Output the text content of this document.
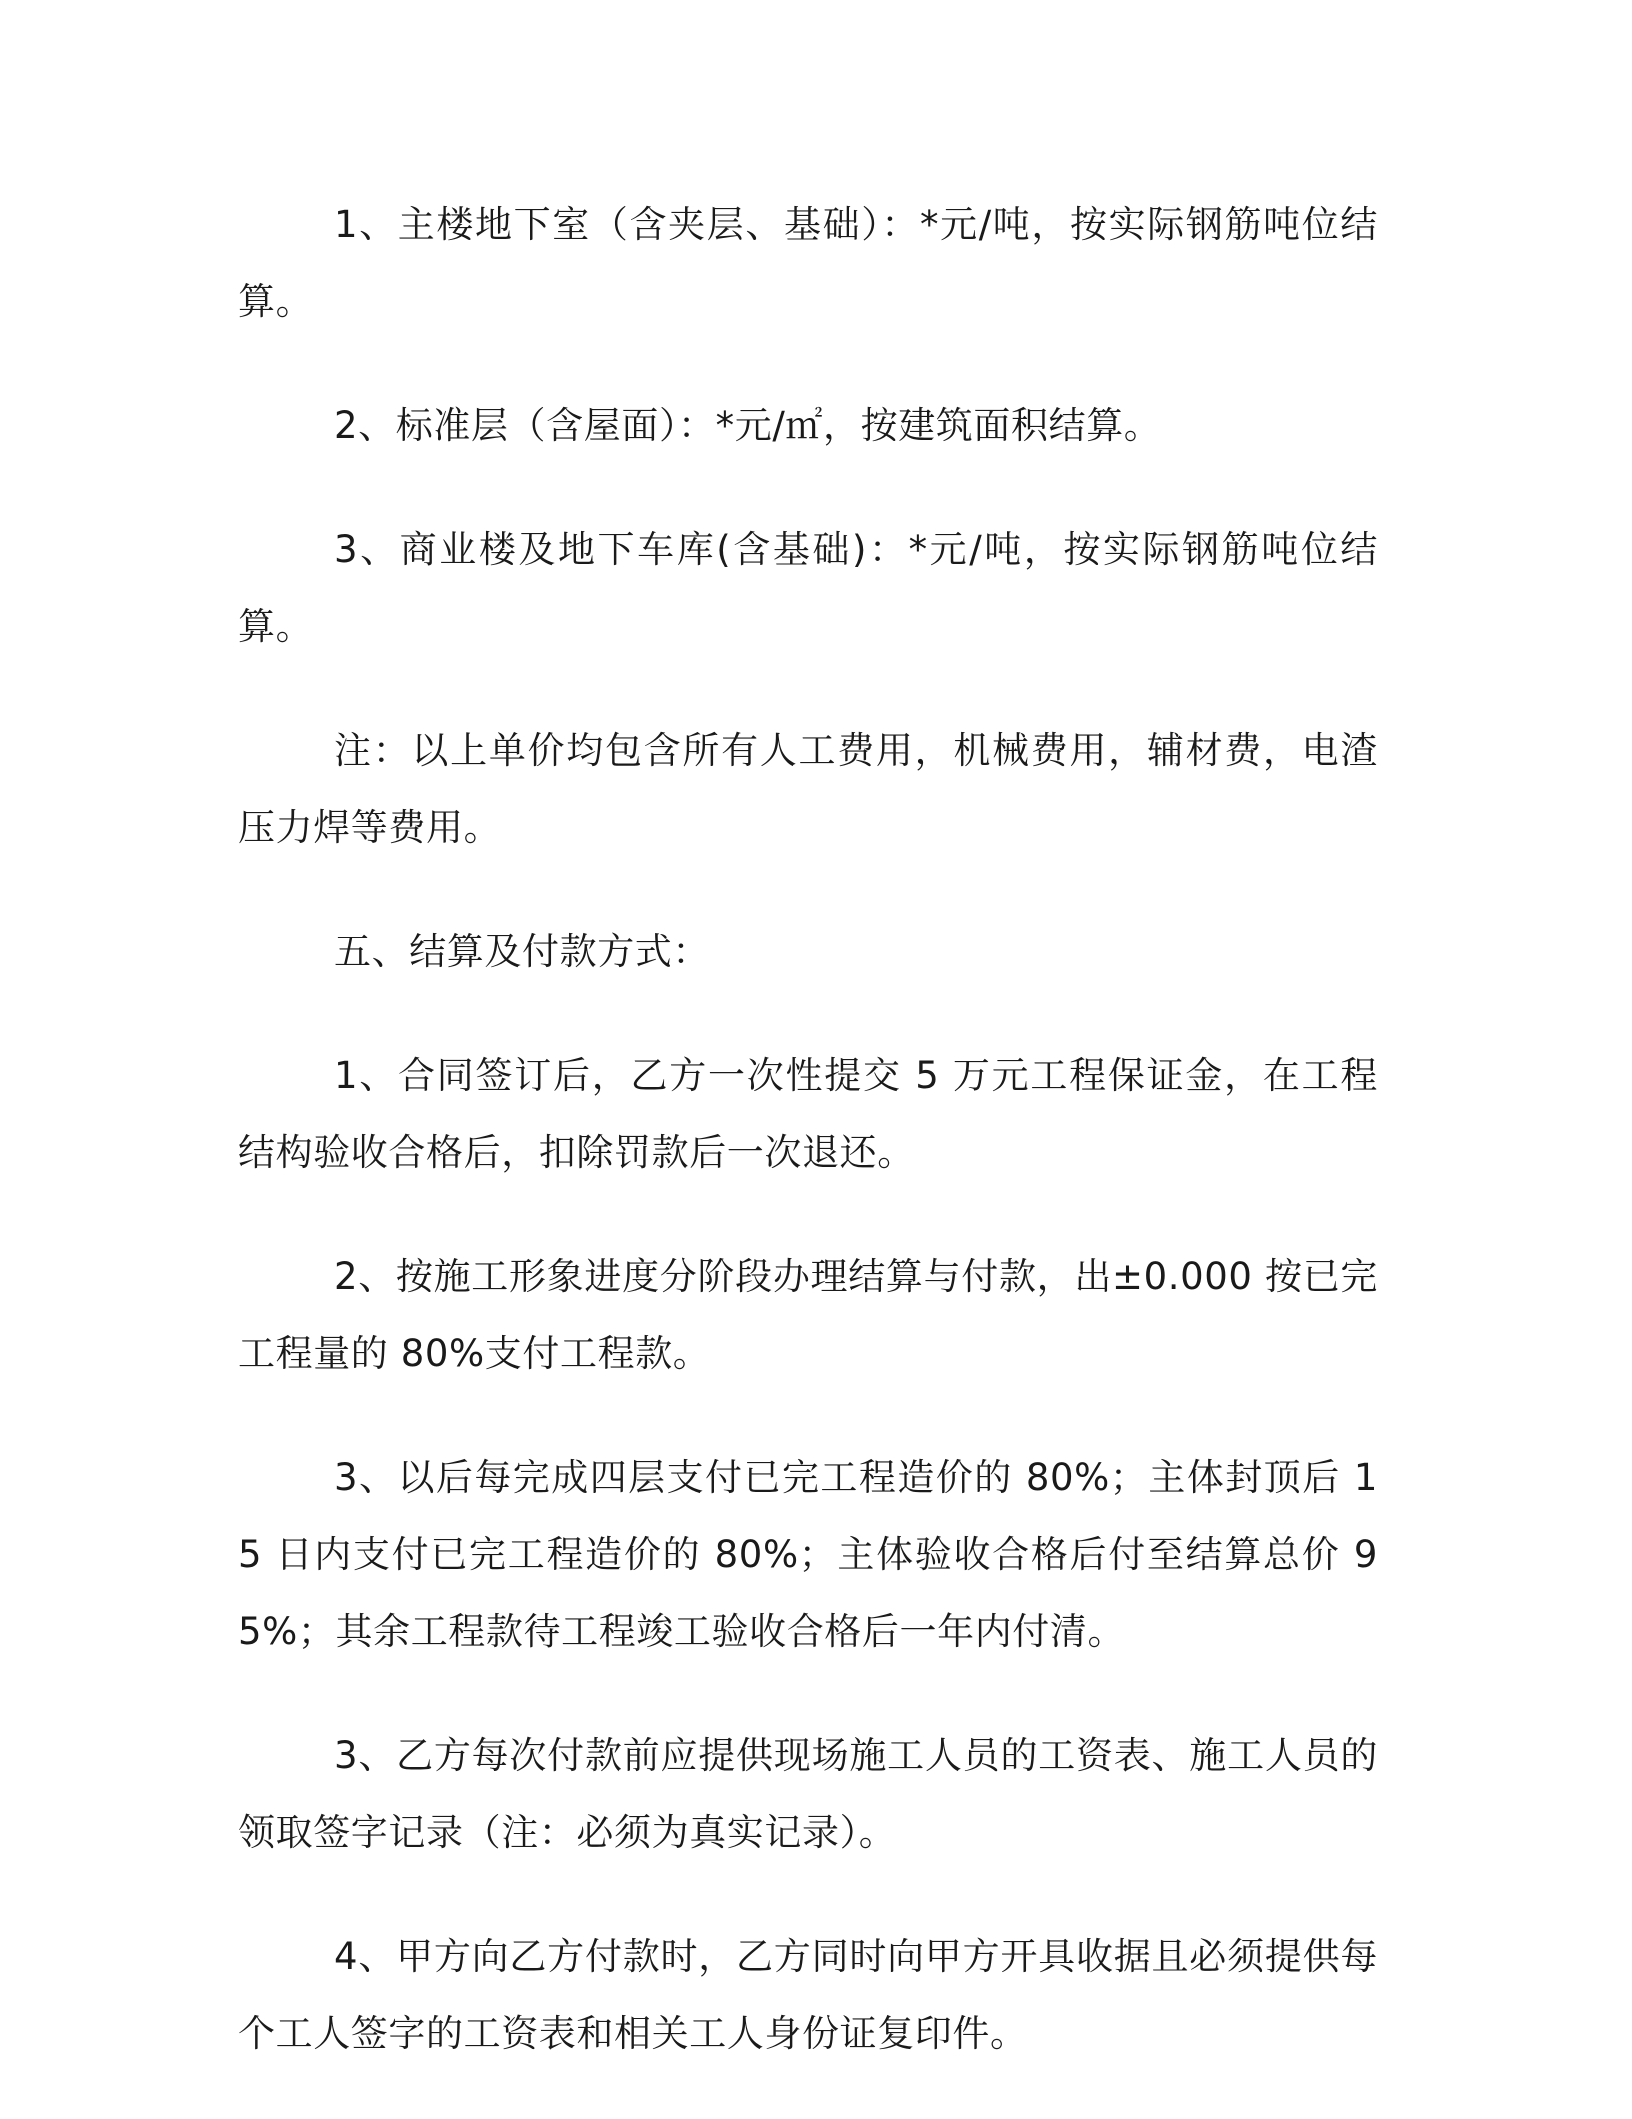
1、主楼地下室（含夹层、基础）：*元/吨，按实际钢筋吨位结算。

2、标准层（含屋面）：*元/㎡，按建筑面积结算。

3、商业楼及地下车库(含基础)：*元/吨，按实际钢筋吨位结算。

注：以上单价均包含所有人工费用，机械费用，辅材费，电渣压力焊等费用。

五、结算及付款方式：

1、合同签订后，乙方一次性提交 5 万元工程保证金，在工程结构验收合格后，扣除罚款后一次退还。

2、按施工形象进度分阶段办理结算与付款，出±0.000 按已完工程量的 80%支付工程款。

3、以后每完成四层支付已完工程造价的 80%；主体封顶后 15 日内支付已完工程造价的 80%；主体验收合格后付至结算总价 95%；其余工程款待工程竣工验收合格后一年内付清。

3、乙方每次付款前应提供现场施工人员的工资表、施工人员的领取签字记录（注：必须为真实记录）。

4、甲方向乙方付款时，乙方同时向甲方开具收据且必须提供每个工人签字的工资表和相关工人身份证复印件。
